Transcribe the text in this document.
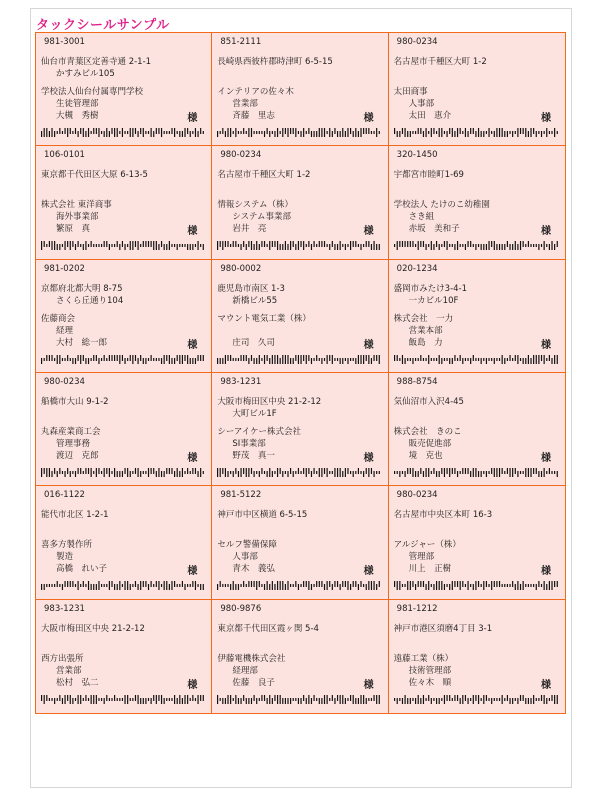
タックシールサンプル
981-3001
仙台市青葉区定善寺通 2-1-1
かすみビル105
学校法人仙台付属専門学校
生徒管理部
大槻　秀樹	様
851-2111
長崎県西彼杵郡時津町 6-5-15
インテリアの佐々木
営業部
斉藤　里志	様
980-0234
名古屋市千種区大町 1-2
太田商事
人事部
太田　恵介	様
106-0101
東京都千代田区大原 6-13-5
株式会社 東洋商事
海外事業部
繁原　真	様
980-0234
名古屋市千種区大町 1-2
情報システム（株）
システム事業部
岩井　亮	様
320-1450
宇都宮市睦町1-69
学校法人 たけのこ幼稚園
さき組
赤坂　美和子	様
981-0202
京都府北都大明 8-75
さくら丘通り104
佐藤商会
経理
大村　総一郎	様
980-0002
鹿児島市南区 1-3
新橋ビル55
マウント電気工業（株）
庄司　久司	様
020-1234
盛岡市みたけ3-4-1
一カビル10F
株式会社　一力
営業本部
飯島　力	様
980-0234
船橋市大山 9-1-2
丸森産業商工会
管理事務
渡辺　克郎	様
983-1231
大阪市梅田区中央 21-2-12
大町ビル1F
シーアイケー株式会社
SI事業部
野茂　真一	様
988-8754
気仙沼市入沢4-45
株式会社　きのこ
販売促進部
境　克也	様
016-1122
能代市北区 1-2-1
喜多方製作所
製造
高橋　れい子	様
981-5122
神戸市中区横道 6-5-15
セルフ警備保障
人事部
青木　義弘	様
980-0234
名古屋市中央区本町 16-3
アルジャー（株）
管理部
川上　正樹	様
983-1231
大阪市梅田区中央 21-2-12
西方出張所
営業部
松村　弘二	様
980-9876
東京都千代田区霞ヶ関 5-4
伊藤電機株式会社
経理部
佐藤　良子	様
981-1212
神戸市港区須磨4丁目 3-1
遠藤工業（株）
技術管理部
佐々木　順	様
